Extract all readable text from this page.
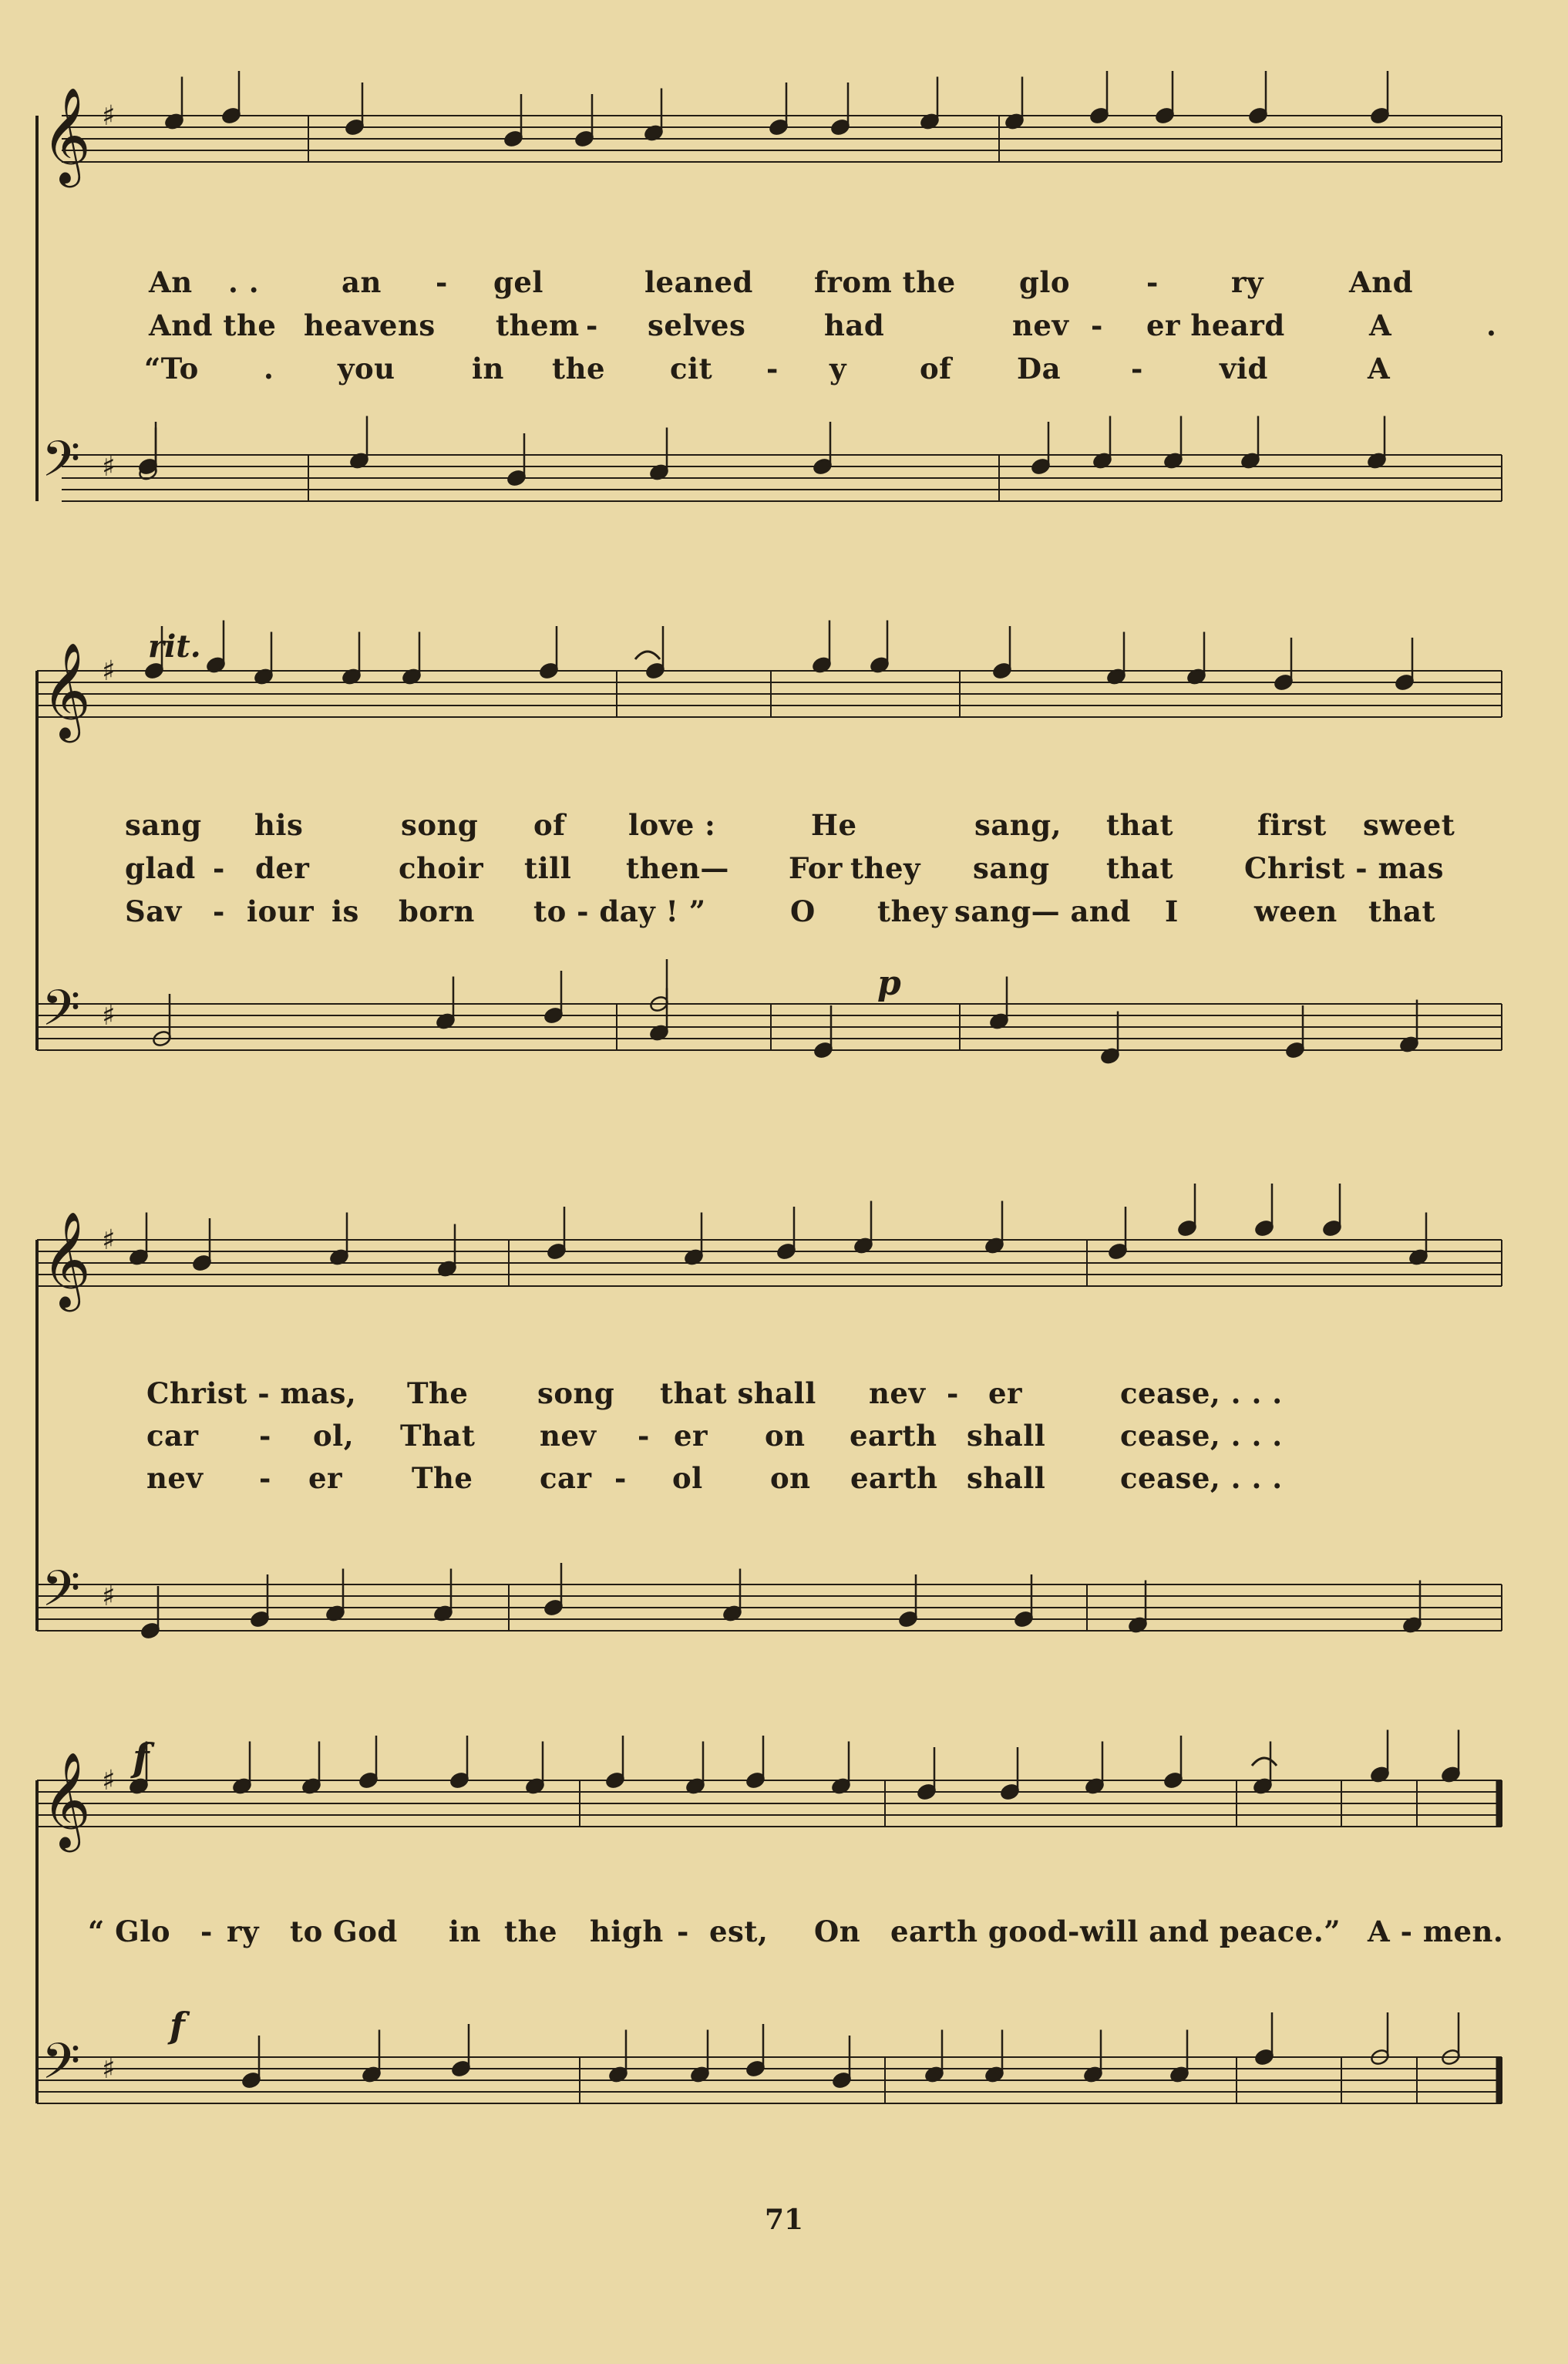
𝄞
𝄢
♯
♯
𝄞
𝄢
♯
♯
𝄞
𝄢
♯
♯
𝄞
𝄢
♯
♯
rit.
p
f
f
An . .	an - gel	leaned from the glo	-	ry	And
And the heavens them - selves	had	nev - er heard	A	.
“To . you	in the cit - y	of Da -	vid	A
sang his	song of love :	He	sang, that	first sweet
glad - der	choir till then— For they sang that Christ - mas
Sav - iour is born to - day ! ”	O they sang— and I	ween that
Christ - mas, The song that shall nev - er	cease, . . .
car - ol, That nev - er on earth shall	cease, . . .
nev - er The car - ol on earth shall	cease, . . .
“ Glo - ry to God in the high - est, On earth good-will and peace.” A - men.
71
